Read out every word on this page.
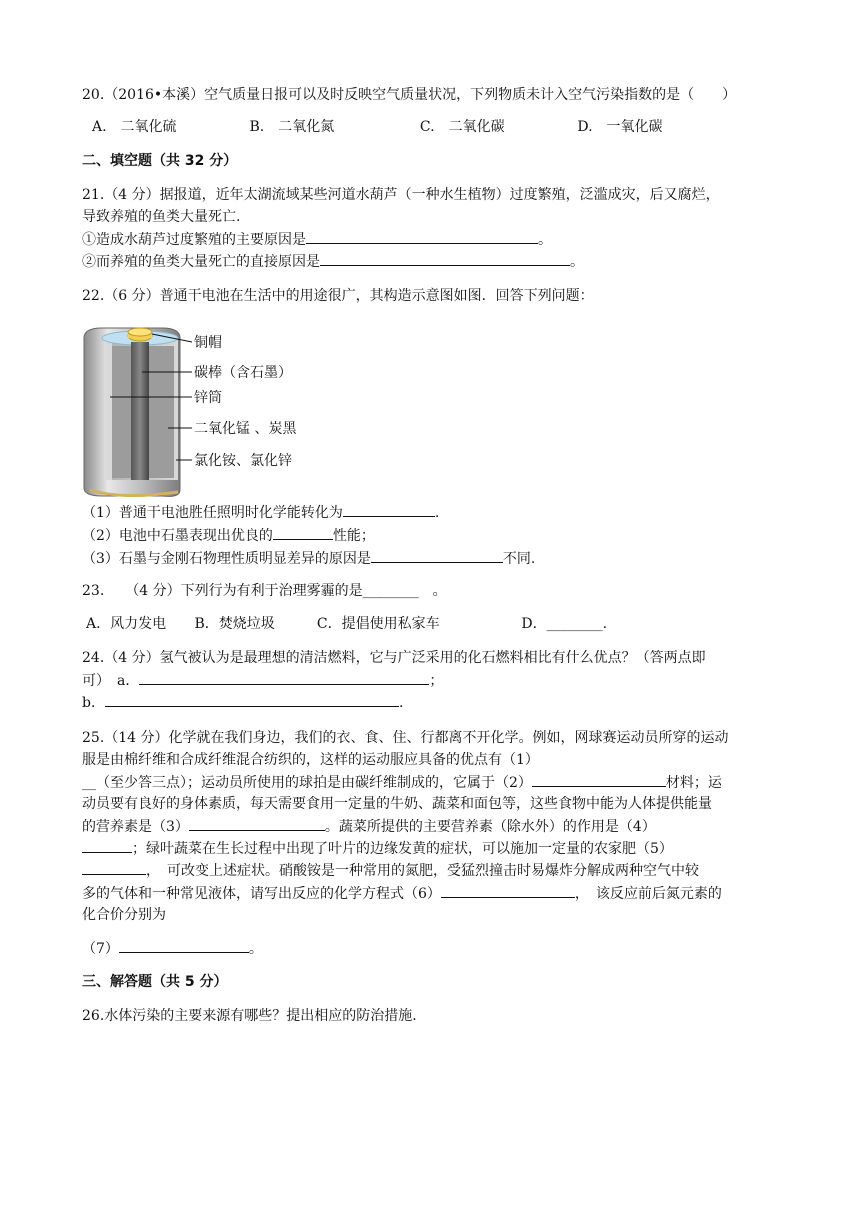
20.（2016•本溪）空气质量日报可以及时反映空气质量状况，下列物质未计入空气污染指数的是（　　）
A.　二氧化硫	B.　二氧化氮	C.　二氧化碳	D.　一氧化碳
二、填空题（共 32 分）
21.（4 分）据报道，近年太湖流域某些河道水葫芦（一种水生植物）过度繁殖，泛滥成灾，后又腐烂，
导致养殖的鱼类大量死亡.
①造成水葫芦过度繁殖的主要原因是	。
②而养殖的鱼类大量死亡的直接原因是	。
22.（6 分）普通干电池在生活中的用途很广，其构造示意图如图．回答下列问题：
铜帽
碳棒（含石墨）
锌筒
二氧化锰 、炭黑
氯化铵、氯化锌
（1）普通干电池胜任照明时化学能转化为	.
（2）电池中石墨表现出优良的	性能；
（3）石墨与金刚石物理性质明显差异的原因是	不同.
23.　　（4 分）下列行为有利于治理雾霾的是________　。
A．风力发电 B．焚烧垃圾	C．提倡使用私家车	D．________.
24.（4 分）氢气被认为是最理想的清洁燃料，它与广泛采用的化石燃料相比有什么优点？（答两点即
可）　a．	；
b．	.
25.（14 分）化学就在我们身边，我们的衣、食、住、行都离不开化学。例如，网球赛运动员所穿的运动
服是由棉纤维和合成纤维混合纺织的，这样的运动服应具备的优点有（1）
__（至少答三点）；运动员所使用的球拍是由碳纤维制成的，它属于（2）	材料；运
动员要有良好的身体素质，每天需要食用一定量的牛奶、蔬菜和面包等，这些食物中能为人体提供能量
的营养素是（3）	。蔬菜所提供的主要营养素（除水外）的作用是（4）
；绿叶蔬菜在生长过程中出现了叶片的边缘发黄的症状，可以施加一定量的农家肥（5）
，　可改变上述症状。硝酸铵是一种常用的氮肥，受猛烈撞击时易爆炸分解成两种空气中较
多的气体和一种常见液体，请写出反应的化学方程式（6）	，　该反应前后氮元素的
化合价分别为
（7）	。
三、解答题（共 5 分）
26.水体污染的主要来源有哪些？提出相应的防治措施.
